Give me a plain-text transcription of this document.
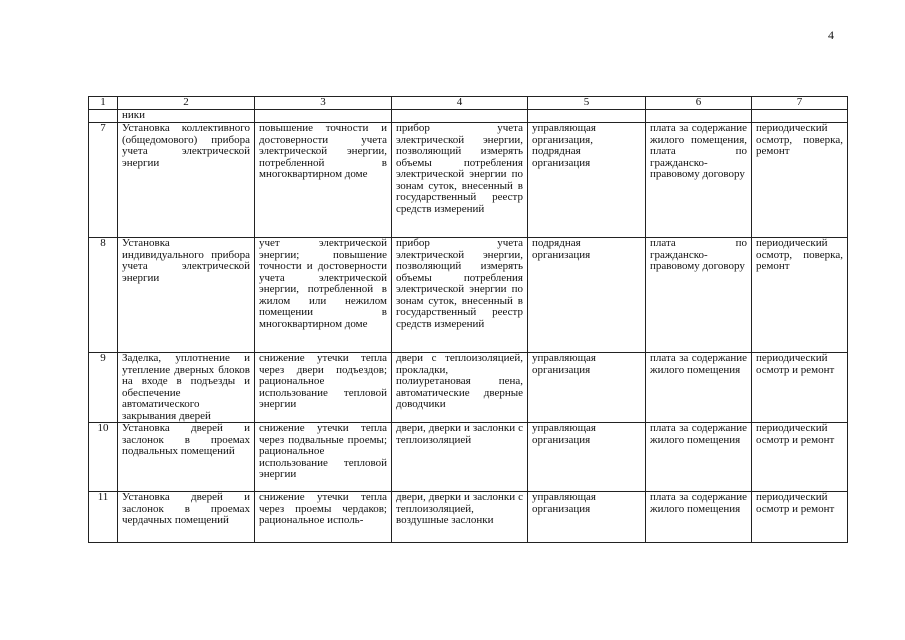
4
1	2	3	4	5	6	7
	ники					
7	Установка коллективного (общедомового) прибора учета электрической энергии	повышение точности и достоверности учета электрической энергии, потребленной в многоквартирном доме	прибор учета электрической энергии, позволяющий измерять объемы потребления электрической энергии по зонам суток, внесенный в государственный реестр средств измерений	управляющая организация, подрядная организация	плата за содержание жилого помещения, плата по гражданско-правовому договору	периодический осмотр, поверка, ремонт
8	Установка индивидуального прибора учета электрической энергии	учет электрической энергии; повышение точности и достоверности учета электрической энергии, потребленной в жилом или нежилом помещении в многоквартирном доме	прибор учета электрической энергии, позволяющий измерять объемы потребления электрической энергии по зонам суток, внесенный в государственный реестр средств измерений	подрядная организация	плата по гражданско-правовому договору	периодический осмотр, поверка, ремонт
9	Заделка, уплотнение и утепление дверных блоков на входе в подъезды и обеспечение автоматического закрывания дверей	снижение утечки тепла через двери подъездов; рациональное использование тепловой энергии	двери с теплоизоляцией, прокладки, полиуретановая пена, автоматические дверные доводчики	управляющая организация	плата за содержание жилого помещения	периодический осмотр и ремонт
10	Установка дверей и заслонок в проемах подвальных помещений	снижение утечки тепла через подвальные проемы; рациональное использование тепловой энергии	двери, дверки и заслонки с теплоизоляцией	управляющая организация	плата за содержание жилого помещения	периодический осмотр и ремонт
11	Установка дверей и заслонок в проемах чердачных помещений	снижение утечки тепла через проемы чердаков; рациональное исполь-	двери, дверки и заслонки с теплоизоляцией, воздушные заслонки	управляющая организация	плата за содержание жилого помещения	периодический осмотр и ремонт
